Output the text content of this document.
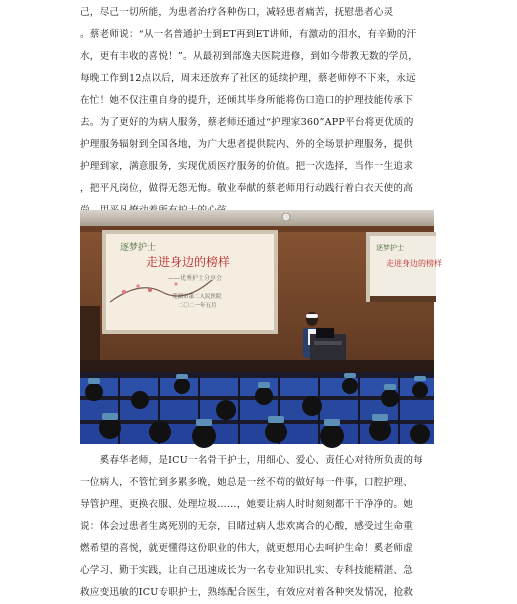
己，尽己一切所能，为患者治疗各种伤口，减轻患者痛苦，抚慰患者心灵
。蔡老师说：“从一名普通护士到ET再到ET讲师，有激动的泪水，有辛勤的汗
水，更有丰收的喜悦！”。从最初到部逸夫医院进修，到如今带教无数的学员，
每晚工作到12点以后，周末还放弃了社区的延续护理，蔡老师停不下来，永远
在忙！她不仅注重自身的提升，还倾其毕身所能将伤口造口的护理技能传承下
去。为了更好的为病人服务，蔡老师还通过“护理家360”APP平台将更优质的
护理服务辐射到全国各地，为广大患者提供院内、外的全场景护理服务，提供
护理到家，满意服务，实现优质医疗服务的价值。把一次选择，当作一生追求
，把平凡岗位，做得无怨无悔。敬业奉献的蔡老师用行动践行着白衣天使的高

逐梦护士
走进身边的榜样
——优秀护士分享会
芜湖市第二人民医院
二〇二一年五月
逐梦护士
走进身边的榜样

　　奚春华老师，是ICU一名骨干护士，用细心、爱心、责任心对待所负责的每
一位病人，不管忙到多累多晚，她总是一丝不苟的做好每一件事，口腔护理、
导管护理、更换衣服、处理垃圾……，她要让病人时时刻刻都干干净净的。她
说：体会过患者生离死别的无奈，目睹过病人悲欢离合的心酸，感受过生命重
燃希望的喜悦，就更懂得这份职业的伟大，就更想用心去呵护生命！奚老师虚
心学习、勤于实践，让自己迅速成长为一名专业知识扎实、专科技能精湛、急
救应变迅敏的ICU专职护士，熟练配合医生，有效应对着各种突发情况，抢救
